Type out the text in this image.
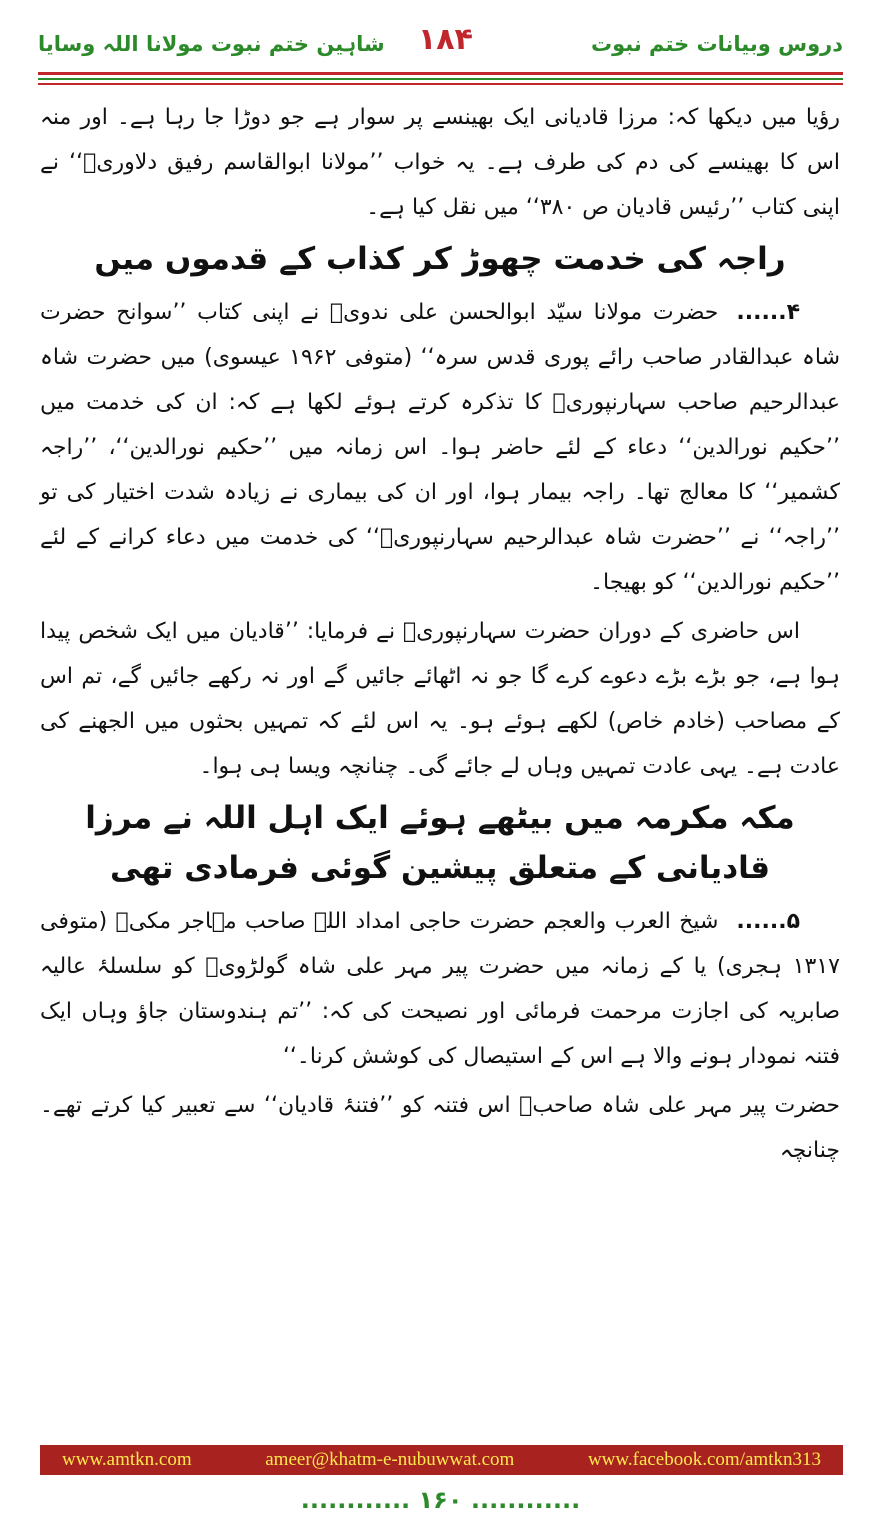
دروس وبیانات ختم نبوت
۱۸۴
شاہین ختم نبوت مولانا اللہ وسایا

رؤیا میں دیکھا کہ: مرزا قادیانی ایک بھینسے پر سوار ہے جو دوڑا جا رہا ہے۔ اور منہ اس کا بھینسے کی دم کی طرف ہے۔ یہ خواب ’’مولانا ابوالقاسم رفیق دلاوریؒ‘‘ نے اپنی کتاب ’’رئیس قادیان ص ۳۸۰‘‘ میں نقل کیا ہے۔

راجہ کی خدمت چھوڑ کر کذاب کے قدموں میں

۴......حضرت مولانا سیّد ابوالحسن علی ندویؒ نے اپنی کتاب ’’سوانح حضرت شاہ عبدالقادر صاحب رائے پوری قدس سرہ‘‘ (متوفی ۱۹۶۲ عیسوی) میں حضرت شاہ عبدالرحیم صاحب سہارنپوریؒ کا تذکرہ کرتے ہوئے لکھا ہے کہ: ان کی خدمت میں ’’حکیم نورالدین‘‘ دعاء کے لئے حاضر ہوا۔ اس زمانہ میں ’’حکیم نورالدین‘‘، ’’راجہ کشمیر‘‘ کا معالج تھا۔ راجہ بیمار ہوا، اور ان کی بیماری نے زیادہ شدت اختیار کی تو ’’راجہ‘‘ نے ’’حضرت شاہ عبدالرحیم سہارنپوریؒ‘‘ کی خدمت میں دعاء کرانے کے لئے ’’حکیم نورالدین‘‘ کو بھیجا۔

اس حاضری کے دوران حضرت سہارنپوریؒ نے فرمایا: ’’قادیان میں ایک شخص پیدا ہوا ہے، جو بڑے بڑے دعوے کرے گا جو نہ اٹھائے جائیں گے اور نہ رکھے جائیں گے، تم اس کے مصاحب (خادم خاص) لکھے ہوئے ہو۔ یہ اس لئے کہ تمہیں بحثوں میں الجھنے کی عادت ہے۔ یہی عادت تمہیں وہاں لے جائے گی۔ چنانچہ ویسا ہی ہوا۔

مکہ مکرمہ میں بیٹھے ہوئے ایک اہل اللہ نے مرزا قادیانی کے متعلق پیشین گوئی فرمادی تھی

۵......شیخ العرب والعجم حضرت حاجی امداد اللہ صاحب مہاجر مکیؒ (متوفی ۱۳۱۷ ہجری) یا کے زمانہ میں حضرت پیر مہر علی شاہ گولڑویؒ کو سلسلۂ عالیہ صابریہ کی اجازت مرحمت فرمائی اور نصیحت کی کہ: ’’تم ہندوستان جاؤ وہاں ایک فتنہ نمودار ہونے والا ہے اس کے استیصال کی کوشش کرنا۔‘‘

حضرت پیر مہر علی شاہ صاحبؒ اس فتنہ کو ’’فتنۂ قادیان‘‘ سے تعبیر کیا کرتے تھے۔ چنانچہ

www.amtkn.com	ameer@khatm-e-nubuwwat.com	www.facebook.com/amtkn313
............ ۱۶۰ ............
